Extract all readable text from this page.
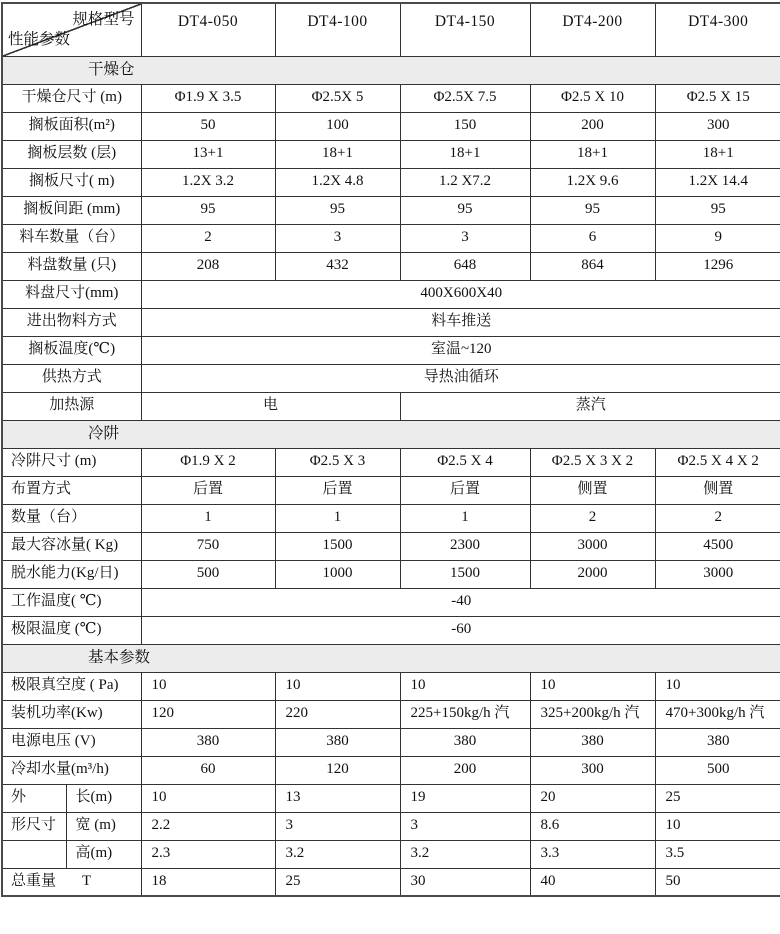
规格型号
性能参数		DT4-050	DT4-100	DT4-150	DT4-200	DT4-300
干燥仓						
干燥仓尺寸 (m)		Φ1.9 X 3.5	Φ2.5X 5	Φ2.5X 7.5	Φ2.5 X 10	Φ2.5 X 15
搁板面积(m²)		50	100	150	200	300
搁板层数 (层)		13+1	18+1	18+1	18+1	18+1
搁板尺寸( m)		1.2X 3.2	1.2X 4.8	1.2 X7.2	1.2X 9.6	1.2X 14.4
搁板间距 (mm)		95	95	95	95	95
料车数量（台）		2	3	3	6	9
料盘数量 (只)		208	432	648	864	1296
料盘尺寸(mm)		400X600X40				
进出物料方式		料车推送				
搁板温度(℃)		室温~120				
供热方式		导热油循环				
加热源		电		蒸汽		
冷阱						
冷阱尺寸 (m)		Φ1.9 X 2	Φ2.5 X 3	Φ2.5 X 4	Φ2.5 X 3 X 2	Φ2.5 X 4 X 2
布置方式		后置	后置	后置	侧置	侧置
数量（台）		1	1	1	2	2
最大容冰量( Kg)		750	1500	2300	3000	4500
脱水能力(Kg/日)		500	1000	1500	2000	3000
工作温度( ℃)		-40				
极限温度 (℃)		-60				
基本参数						
极限真空度 ( Pa)		10	10	10	10	10
装机功率(Kw)		120	220	225+150kg/h 汽	325+200kg/h 汽	470+300kg/h 汽
电源电压 (V)		380	380	380	380	380
冷却水量(m³/h)		60	120	200	300	500
外	长(m)	10	13	19	20	25
形尺寸	宽 (m)	2.2	3	3	8.6	10
	高(m)	2.3	3.2	3.2	3.3	3.5
总重量 T		18	25	30	40	50
